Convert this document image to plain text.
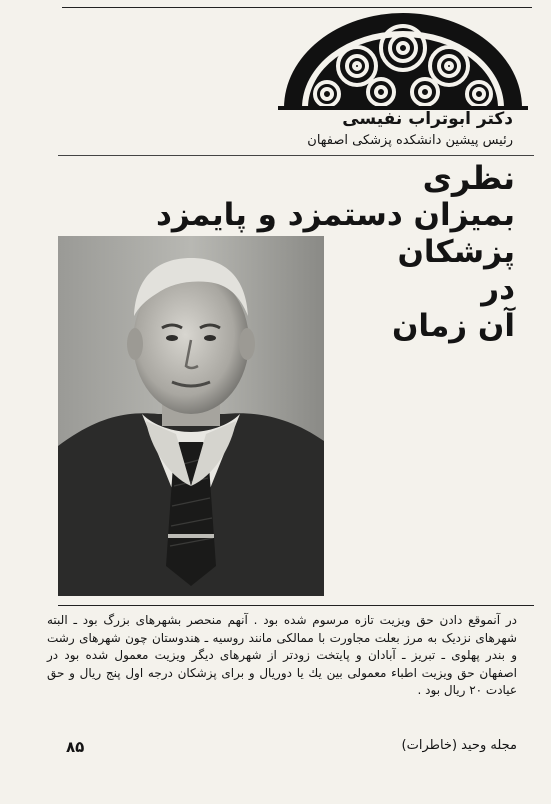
دکتر ابوتراب نفیسی
رئیس پیشین دانشکده پزشکی اصفهان
نظری
بمیزان دستمزد و پایمزد پزشکان
در
آن زمان

در آنموقع دادن حق ویزیت تازه مرسوم شده بود . آنهم منحصر بشهرهای بزرگ بود ـ البته شهرهای نزدیک به مرز بعلت مجاورت با ممالکی مانند روسیه ـ هندوستان چون شهرهای رشت و بندر پهلوی ـ تبریز ـ آبادان و پایتخت زودتر از شهرهای دیگر ویزیت معمول شده بود در اصفهان حق ویزیت اطباء معمولی بین یك یا دوریال و برای پزشکان درجه اول پنج ریال و حق عیادت ۲۰ ریال بود .

۸۵	مجله وحید (خاطرات)
